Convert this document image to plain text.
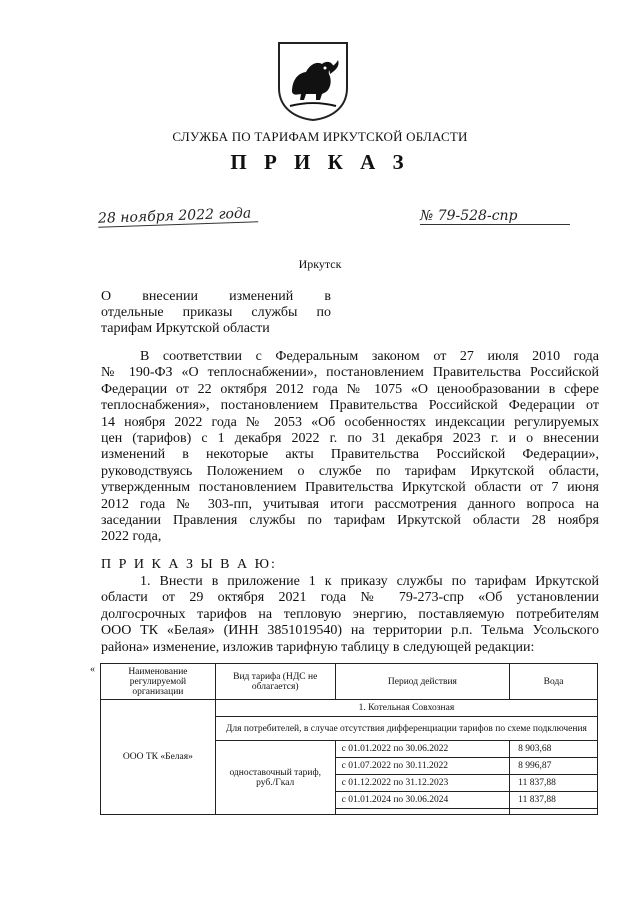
СЛУЖБА ПО ТАРИФАМ ИРКУТСКОЙ ОБЛАСТИ
П Р И К А З
28 ноября 2022 года	№ 79-528-спр
Иркутск
О внесении изменений в
отдельные приказы службы по
тарифам Иркутской области
В соответствии с Федеральным законом от 27 июля 2010 года
№ 190-ФЗ «О теплоснабжении», постановлением Правительства Российской
Федерации от 22 октября 2012 года № 1075 «О ценообразовании в сфере
теплоснабжения», постановлением Правительства Российской Федерации от
14 ноября 2022 года № 2053 «Об особенностях индексации регулируемых
цен (тарифов) с 1 декабря 2022 г. по 31 декабря 2023 г. и о внесении
изменений в некоторые акты Правительства Российской Федерации»,
руководствуясь Положением о службе по тарифам Иркутской области,
утвержденным постановлением Правительства Иркутской области от 7 июня
2012 года № 303-пп, учитывая итоги рассмотрения данного вопроса на
заседании Правления службы по тарифам Иркутской области 28 ноября
2022 года,
П Р И К А З Ы В А Ю:
1. Внести в приложение 1 к приказу службы по тарифам Иркутской
области от 29 октября 2021 года № 79-273-спр «Об установлении
долгосрочных тарифов на тепловую энергию, поставляемую потребителям
ООО ТК «Белая» (ИНН 3851019540) на территории р.п. Тельма Усольского
района» изменение, изложив тарифную таблицу в следующей редакции:
«	Наименование регулируемой организации	Вид тарифа (НДС не облагается)	Период действия	Вода
ООО ТК «Белая»	1. Котельная Совхозная		
	Для потребителей, в случае отсутствия дифференциации тарифов по схеме подключения		
	одноставочный тариф, руб./Гкал	с 01.01.2022 по 30.06.2022	8 903,68
		с 01.07.2022 по 30.11.2022	8 996,87
		с 01.12.2022 по 31.12.2023	11 837,88
		с 01.01.2024 по 30.06.2024	11 837,88
